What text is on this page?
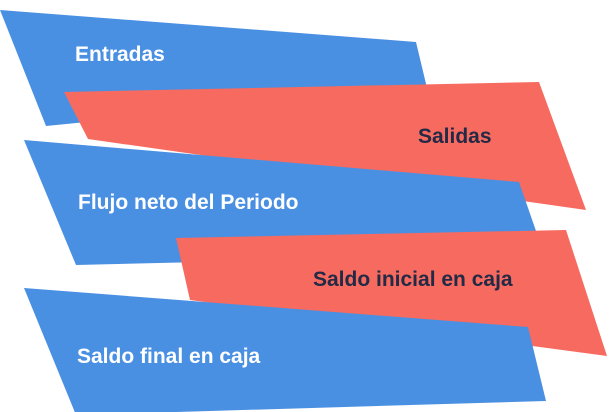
Entradas
Salidas
Flujo neto del Periodo
Saldo inicial en caja
Saldo final en caja
